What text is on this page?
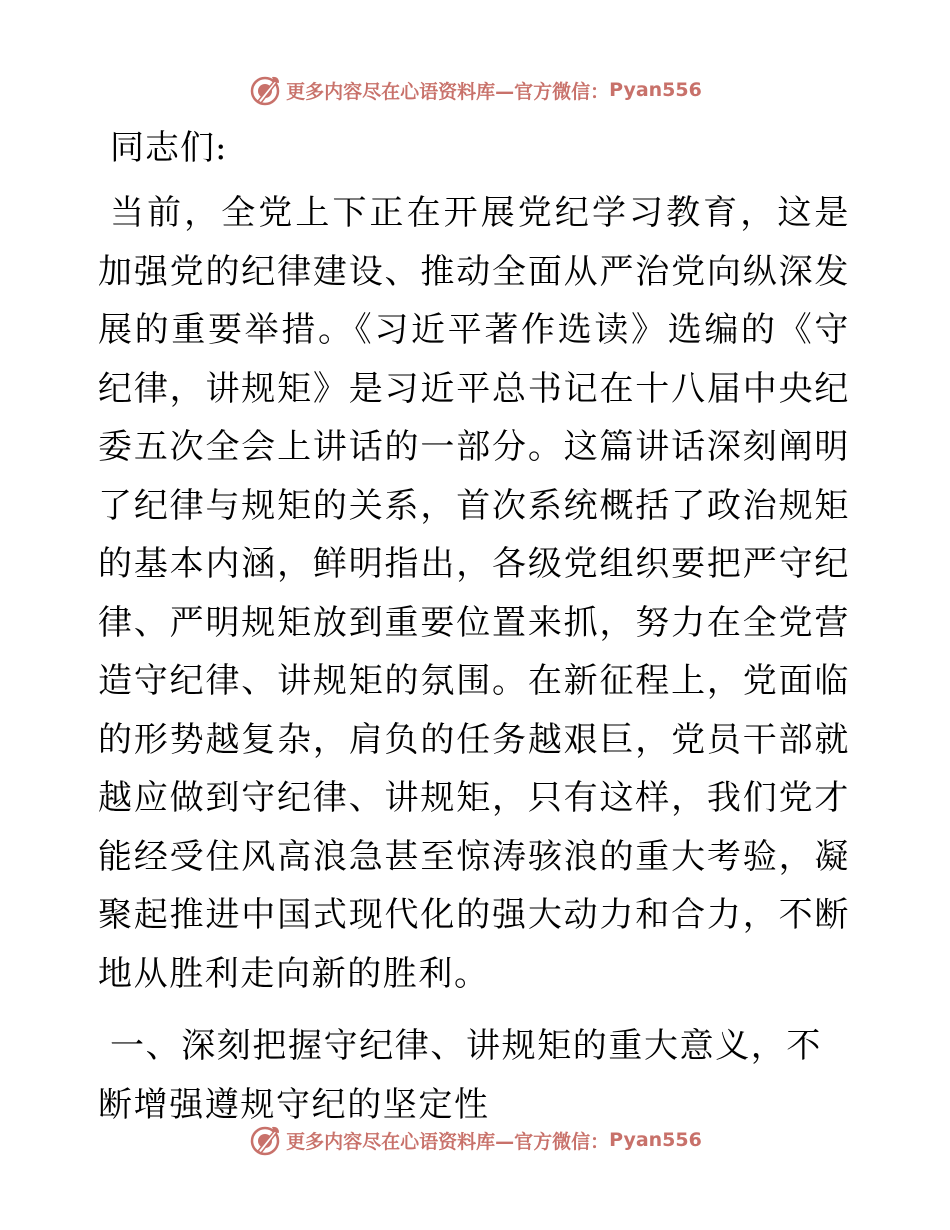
更多内容尽在心语资料库—官方微信： Pyan556
同志们:

当前，全党上下正在开展党纪学习教育，这是加强党的纪律建设、推动全面从严治党向纵深发展的重要举措。《习近平著作选读》选编的《守纪律，讲规矩》是习近平总书记在十八届中央纪委五次全会上讲话的一部分。这篇讲话深刻阐明了纪律与规矩的关系，首次系统概括了政治规矩的基本内涵，鲜明指出，各级党组织要把严守纪律、严明规矩放到重要位置来抓，努力在全党营造守纪律、讲规矩的氛围。在新征程上，党面临的形势越复杂，肩负的任务越艰巨，党员干部就越应做到守纪律、讲规矩，只有这样，我们党才能经受住风高浪急甚至惊涛骇浪的重大考验，凝聚起推进中国式现代化的强大动力和合力，不断地从胜利走向新的胜利。

一、深刻把握守纪律、讲规矩的重大意义，不断增强遵规守纪的坚定性

更多内容尽在心语资料库—官方微信： Pyan556
